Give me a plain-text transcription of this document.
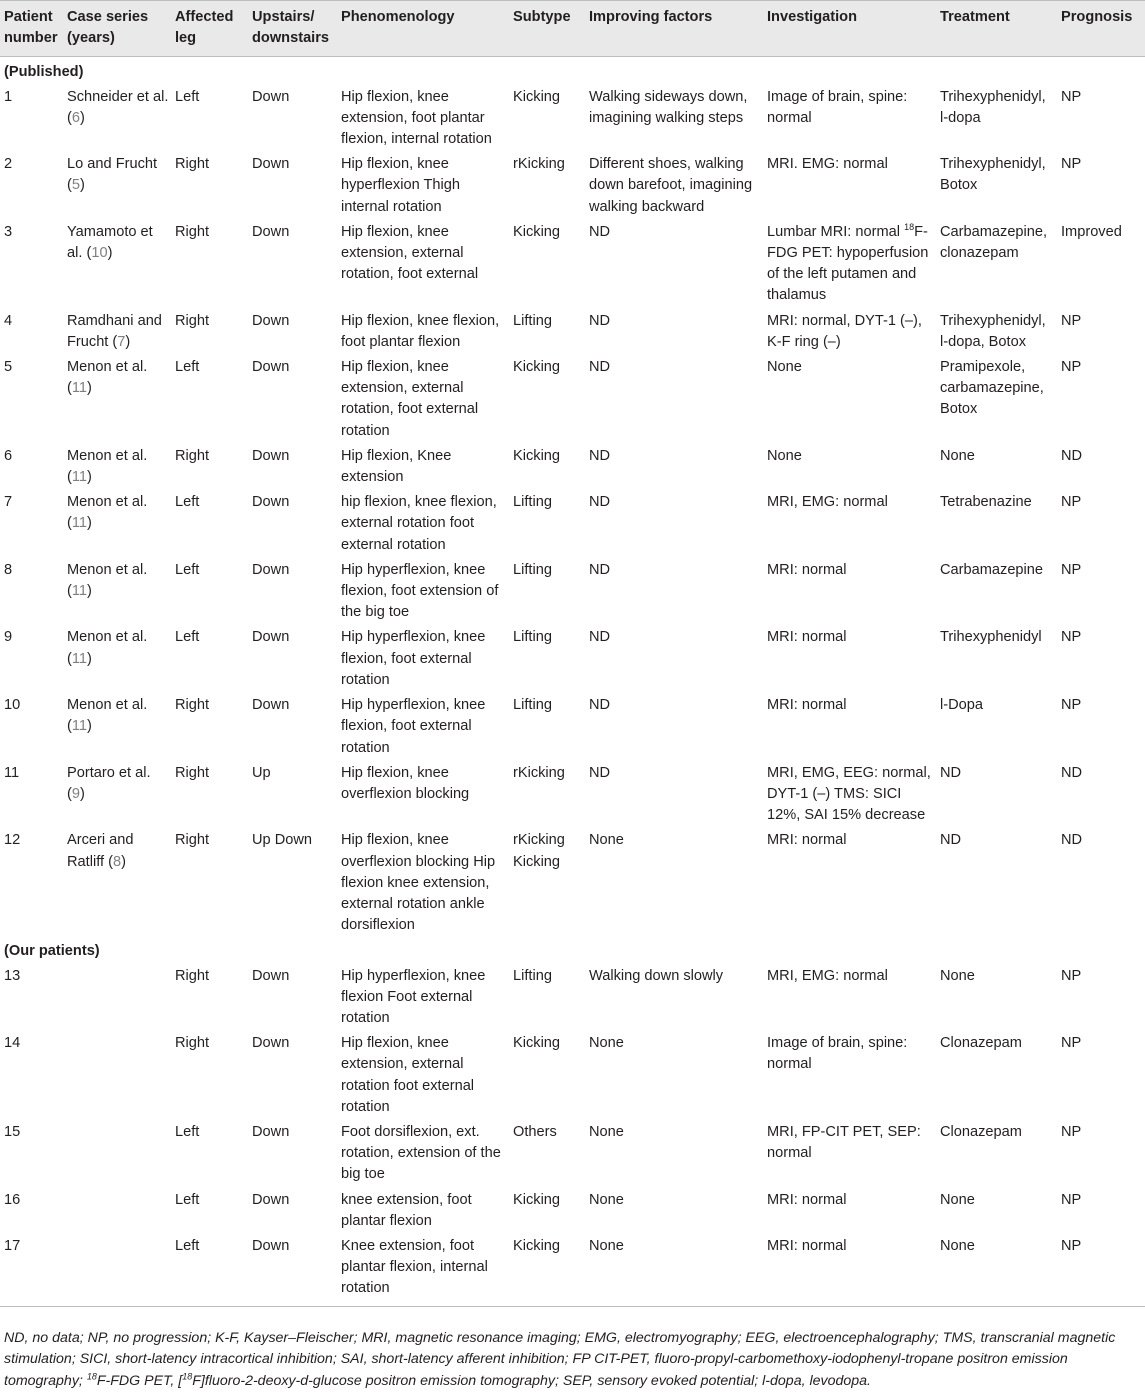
Patient number	Case series (years)	Affected leg	Upstairs/ downstairs	Phenomenology	Subtype	Improving factors	Investigation	Treatment	Prognosis
(Published)									
1	Schneider et al. (6)	Left	Down	Hip flexion, knee extension, foot plantar flexion, internal rotation	Kicking	Walking sideways down, imagining walking steps	Image of brain, spine: normal	Trihexyphenidyl, l-dopa	NP
2	Lo and Frucht (5)	Right	Down	Hip flexion, knee hyperflexion Thigh internal rotation	rKicking	Different shoes, walking down barefoot, imagining walking backward	MRI. EMG: normal	Trihexyphenidyl, Botox	NP
3	Yamamoto et al. (10)	Right	Down	Hip flexion, knee extension, external rotation, foot external	Kicking	ND	Lumbar MRI: normal $^{18}$F-FDG PET: hypoperfusion of the left putamen and thalamus	Carbamazepine, clonazepam	Improved
4	Ramdhani and Frucht (7)	Right	Down	Hip flexion, knee flexion, foot plantar flexion	Lifting	ND	MRI: normal, DYT-1 (–), K-F ring (–)	Trihexyphenidyl, l-dopa, Botox	NP
5	Menon et al. (11)	Left	Down	Hip flexion, knee extension, external rotation, foot external rotation	Kicking	ND	None	Pramipexole, carbamazepine, Botox	NP
6	Menon et al. (11)	Right	Down	Hip flexion, Knee extension	Kicking	ND	None	None	ND
7	Menon et al. (11)	Left	Down	hip flexion, knee flexion, external rotation foot external rotation	Lifting	ND	MRI, EMG: normal	Tetrabenazine	NP
8	Menon et al. (11)	Left	Down	Hip hyperflexion, knee flexion, foot extension of the big toe	Lifting	ND	MRI: normal	Carbamazepine	NP
9	Menon et al. (11)	Left	Down	Hip hyperflexion, knee flexion, foot external rotation	Lifting	ND	MRI: normal	Trihexyphenidyl	NP
10	Menon et al. (11)	Right	Down	Hip hyperflexion, knee flexion, foot external rotation	Lifting	ND	MRI: normal	l-Dopa	NP
11	Portaro et al. (9)	Right	Up	Hip flexion, knee overflexion blocking	rKicking	ND	MRI, EMG, EEG: normal, DYT-1 (–) TMS: SICI 12%, SAI 15% decrease	ND	ND
12	Arceri and Ratliff (8)	Right	Up Down	Hip flexion, knee overflexion blocking Hip flexion knee extension, external rotation ankle dorsiflexion	rKicking Kicking	None	MRI: normal	ND	ND
(Our patients)									
13		Right	Down	Hip hyperflexion, knee flexion Foot external rotation	Lifting	Walking down slowly	MRI, EMG: normal	None	NP
14		Right	Down	Hip flexion, knee extension, external rotation foot external rotation	Kicking	None	Image of brain, spine: normal	Clonazepam	NP
15		Left	Down	Foot dorsiflexion, ext. rotation, extension of the big toe	Others	None	MRI, FP-CIT PET, SEP: normal	Clonazepam	NP
16		Left	Down	knee extension, foot plantar flexion	Kicking	None	MRI: normal	None	NP
17		Left	Down	Knee extension, foot plantar flexion, internal rotation	Kicking	None	MRI: normal	None	NP
ND, no data; NP, no progression; K-F, Kayser–Fleischer; MRI, magnetic resonance imaging; EMG, electromyography; EEG, electroencephalography; TMS, transcranial magnetic stimulation; SICI, short-latency intracortical inhibition; SAI, short-latency afferent inhibition; FP CIT-PET, fluoro-propyl-carbomethoxy-iodophenyl-tropane positron emission tomography; $^{18}$F-FDG PET, [$^{18}$F]fluoro-2-deoxy-d-glucose positron emission tomography; SEP, sensory evoked potential; l-dopa, levodopa.
